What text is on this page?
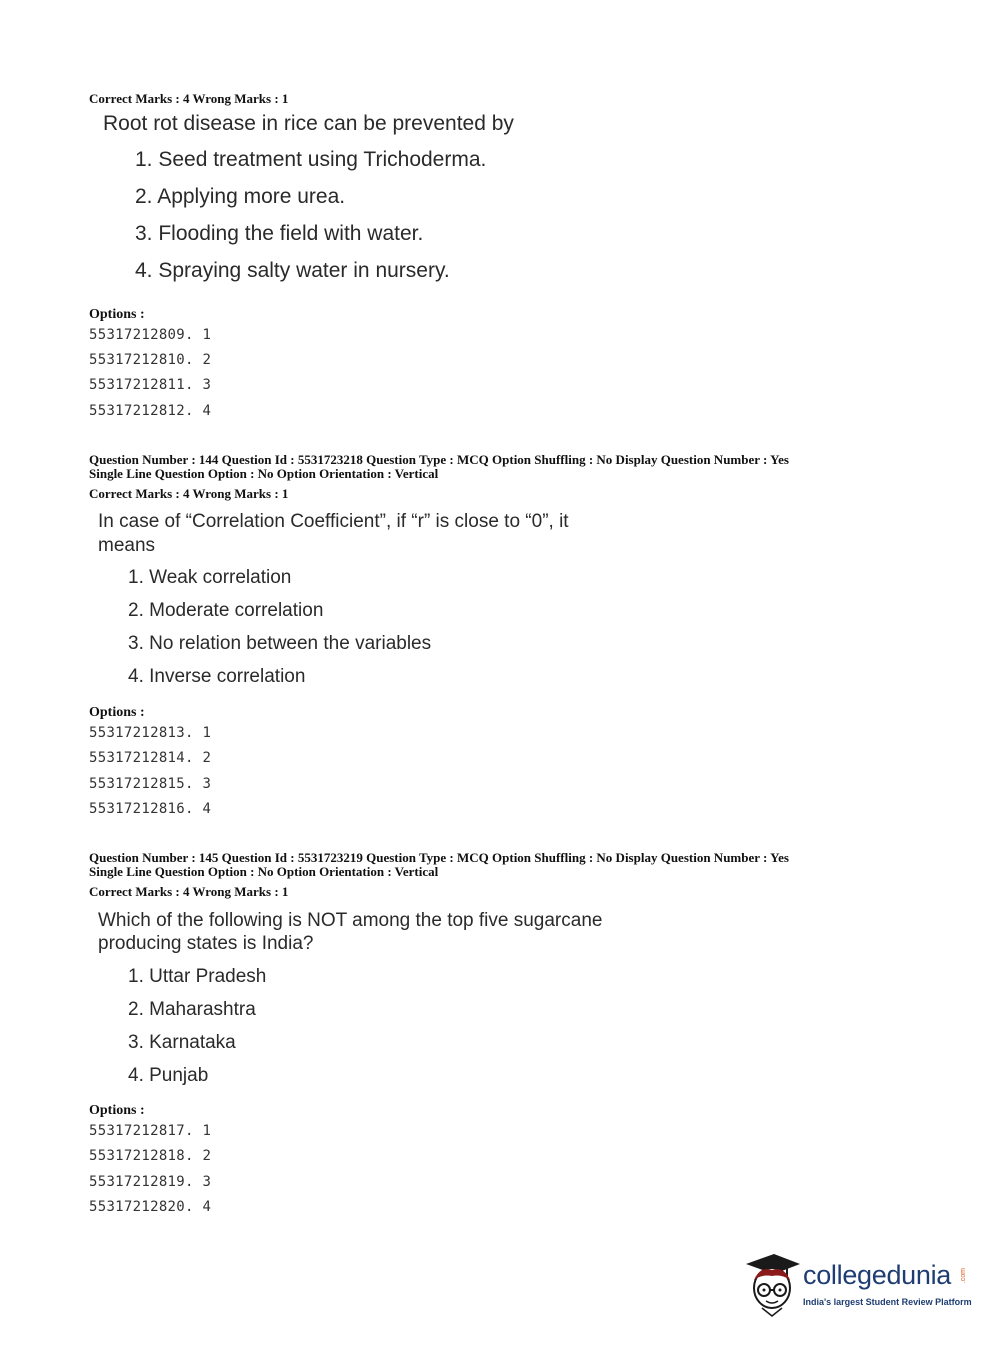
Correct Marks : 4 Wrong Marks : 1
Root rot disease in rice can be prevented by
1. Seed treatment using Trichoderma.
2. Applying more urea.
3. Flooding the field with water.
4. Spraying salty water in nursery.
Options :
55317212809. 1
55317212810. 2
55317212811. 3
55317212812. 4
Question Number : 144 Question Id : 5531723218 Question Type : MCQ Option Shuffling : No Display Question Number : Yes
Single Line Question Option : No Option Orientation : Vertical
Correct Marks : 4 Wrong Marks : 1
In case of “Correlation Coefficient”, if “r” is close to “0”, it
means
1. Weak correlation
2. Moderate correlation
3. No relation between the variables
4. Inverse correlation
Options :
55317212813. 1
55317212814. 2
55317212815. 3
55317212816. 4
Question Number : 145 Question Id : 5531723219 Question Type : MCQ Option Shuffling : No Display Question Number : Yes
Single Line Question Option : No Option Orientation : Vertical
Correct Marks : 4 Wrong Marks : 1
Which of the following is NOT among the top five sugarcane
producing states is India?
1. Uttar Pradesh
2. Maharashtra
3. Karnataka
4. Punjab
Options :
55317212817. 1
55317212818. 2
55317212819. 3
55317212820. 4
collegedunia .com
India's largest Student Review Platform
